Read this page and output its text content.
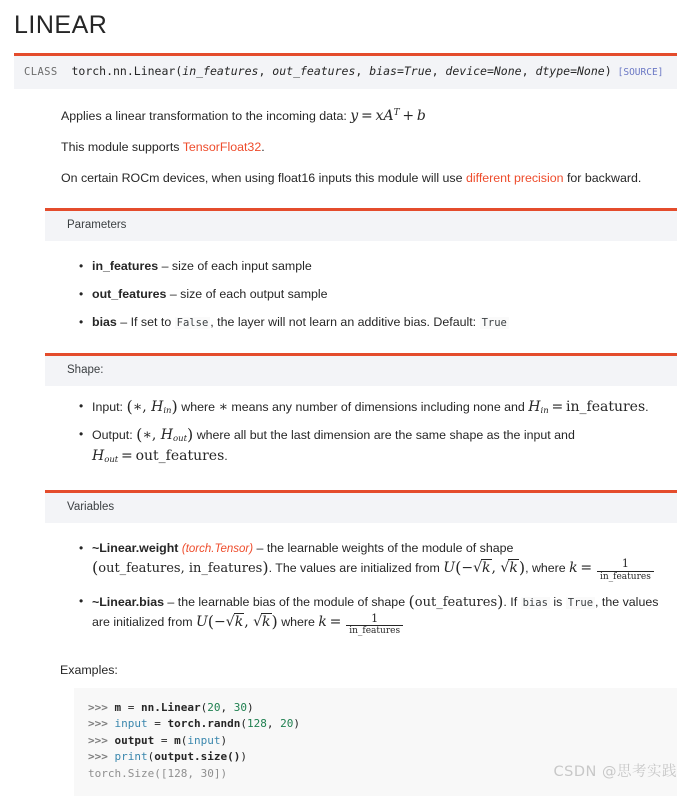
LINEAR
CLASS torch.nn.Linear(in_features, out_features, bias=True, device=None, dtype=None) [SOURCE]

Applies a linear transformation to the incoming data: $y = xA^T + b$

This module supports TensorFloat32.

On certain ROCm devices, when using float16 inputs this module will use different precision for backward.

Parameters
• in_features – size of each input sample
• out_features – size of each output sample
• bias – If set to False , the layer will not learn an additive bias. Default: True
Shape:
• Input: (∗, $H_{in}$) where ∗ means any number of dimensions including none and $H_{in}$  =  in_features.
• Output: (∗, $H_{out}$) where all but the last dimension are the same shape as the input and $H_{out}$  =  out_features.
Variables
• ~Linear.weight (torch.Tensor) – the learnable weights of the module of shape (out_features, in_features). The values are initialized from U(−√k, √k), where $k = \frac{1}{\text{in\_features}}$
• ~Linear.bias – the learnable bias of the module of shape (out_features). If bias is True , the values are initialized from U(−√k, √k) where $k = \frac{1}{\text{in\_features}}$
Examples:
>>> m = nn.Linear(20, 30)
>>> input = torch.randn(128, 20)
>>> output = m(input)
>>> print(output.size())
torch.Size([128, 30])	CSDN @思考实践
